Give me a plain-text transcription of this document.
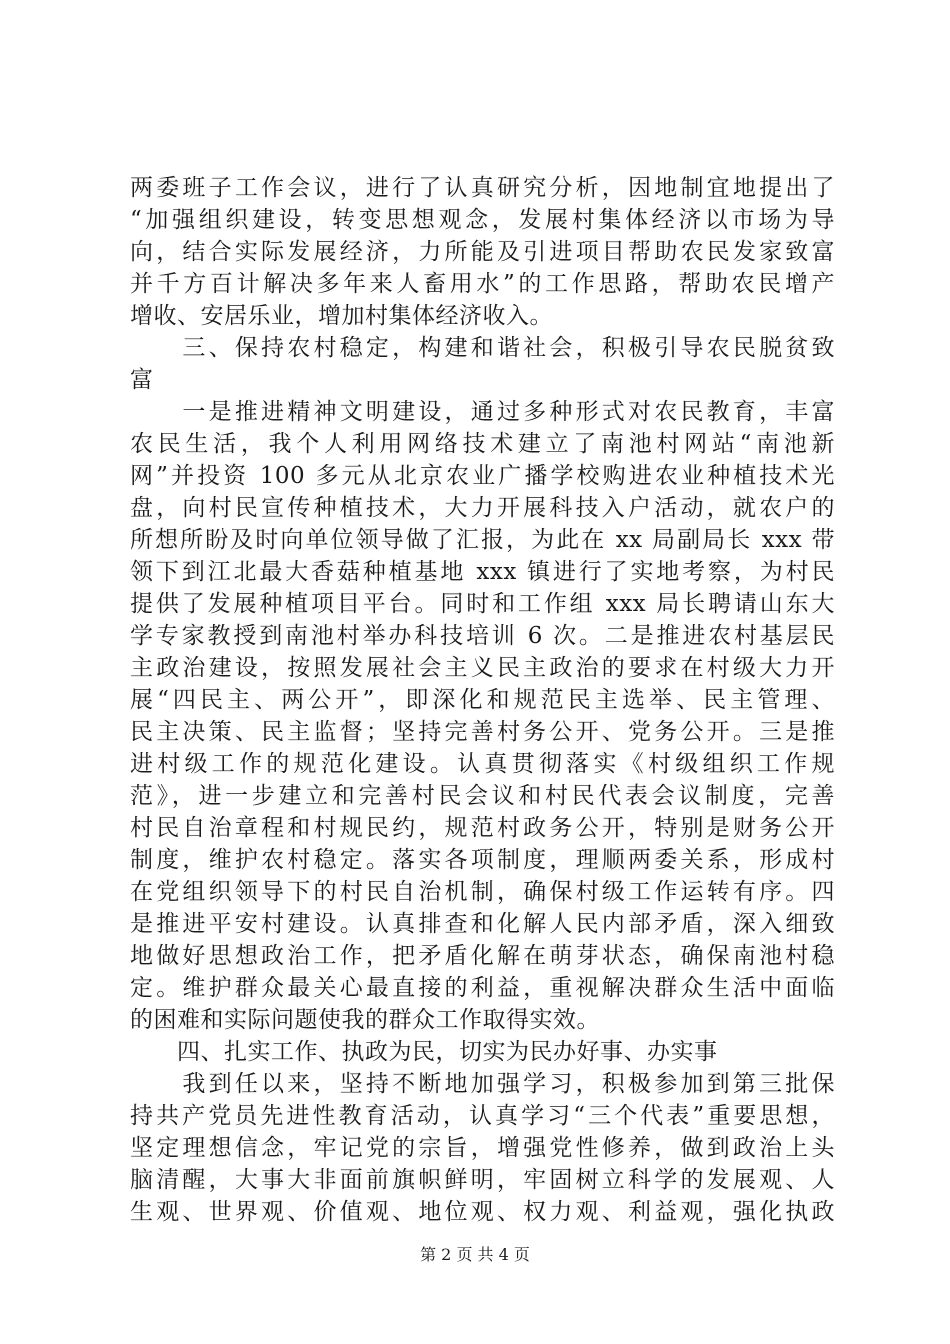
两委班子工作会议，进行了认真研究分析，因地制宜地提出了
“加强组织建设，转变思想观念，发展村集体经济以市场为导
向，结合实际发展经济，力所能及引进项目帮助农民发家致富
并千方百计解决多年来人畜用水”的工作思路，帮助农民增产
增收、安居乐业，增加村集体经济收入。
　　三、保持农村稳定，构建和谐社会，积极引导农民脱贫致
富
　　一是推进精神文明建设，通过多种形式对农民教育，丰富
农民生活，我个人利用网络技术建立了南池村网站“南池新
网”并投资 100 多元从北京农业广播学校购进农业种植技术光
盘，向村民宣传种植技术，大力开展科技入户活动，就农户的
所想所盼及时向单位领导做了汇报，为此在 xx 局副局长 xxx 带
领下到江北最大香菇种植基地 xxx 镇进行了实地考察，为村民
提供了发展种植项目平台。同时和工作组 xxx 局长聘请山东大
学专家教授到南池村举办科技培训 6 次。二是推进农村基层民
主政治建设，按照发展社会主义民主政治的要求在村级大力开
展“四民主、两公开”，即深化和规范民主选举、民主管理、
民主决策、民主监督；坚持完善村务公开、党务公开。三是推
进村级工作的规范化建设。认真贯彻落实《村级组织工作规
范》，进一步建立和完善村民会议和村民代表会议制度，完善
村民自治章程和村规民约，规范村政务公开，特别是财务公开
制度，维护农村稳定。落实各项制度，理顺两委关系，形成村
在党组织领导下的村民自治机制，确保村级工作运转有序。四
是推进平安村建设。认真排查和化解人民内部矛盾，深入细致
地做好思想政治工作，把矛盾化解在萌芽状态，确保南池村稳
定。维护群众最关心最直接的利益，重视解决群众生活中面临
的困难和实际问题使我的群众工作取得实效。
　　四、扎实工作、执政为民，切实为民办好事、办实事
　　我到任以来，坚持不断地加强学习，积极参加到第三批保
持共产党员先进性教育活动，认真学习“三个代表”重要思想，
坚定理想信念，牢记党的宗旨，增强党性修养，做到政治上头
脑清醒，大事大非面前旗帜鲜明，牢固树立科学的发展观、人
生观、世界观、价值观、地位观、权力观、利益观，强化执政
第 2 页 共 4 页
